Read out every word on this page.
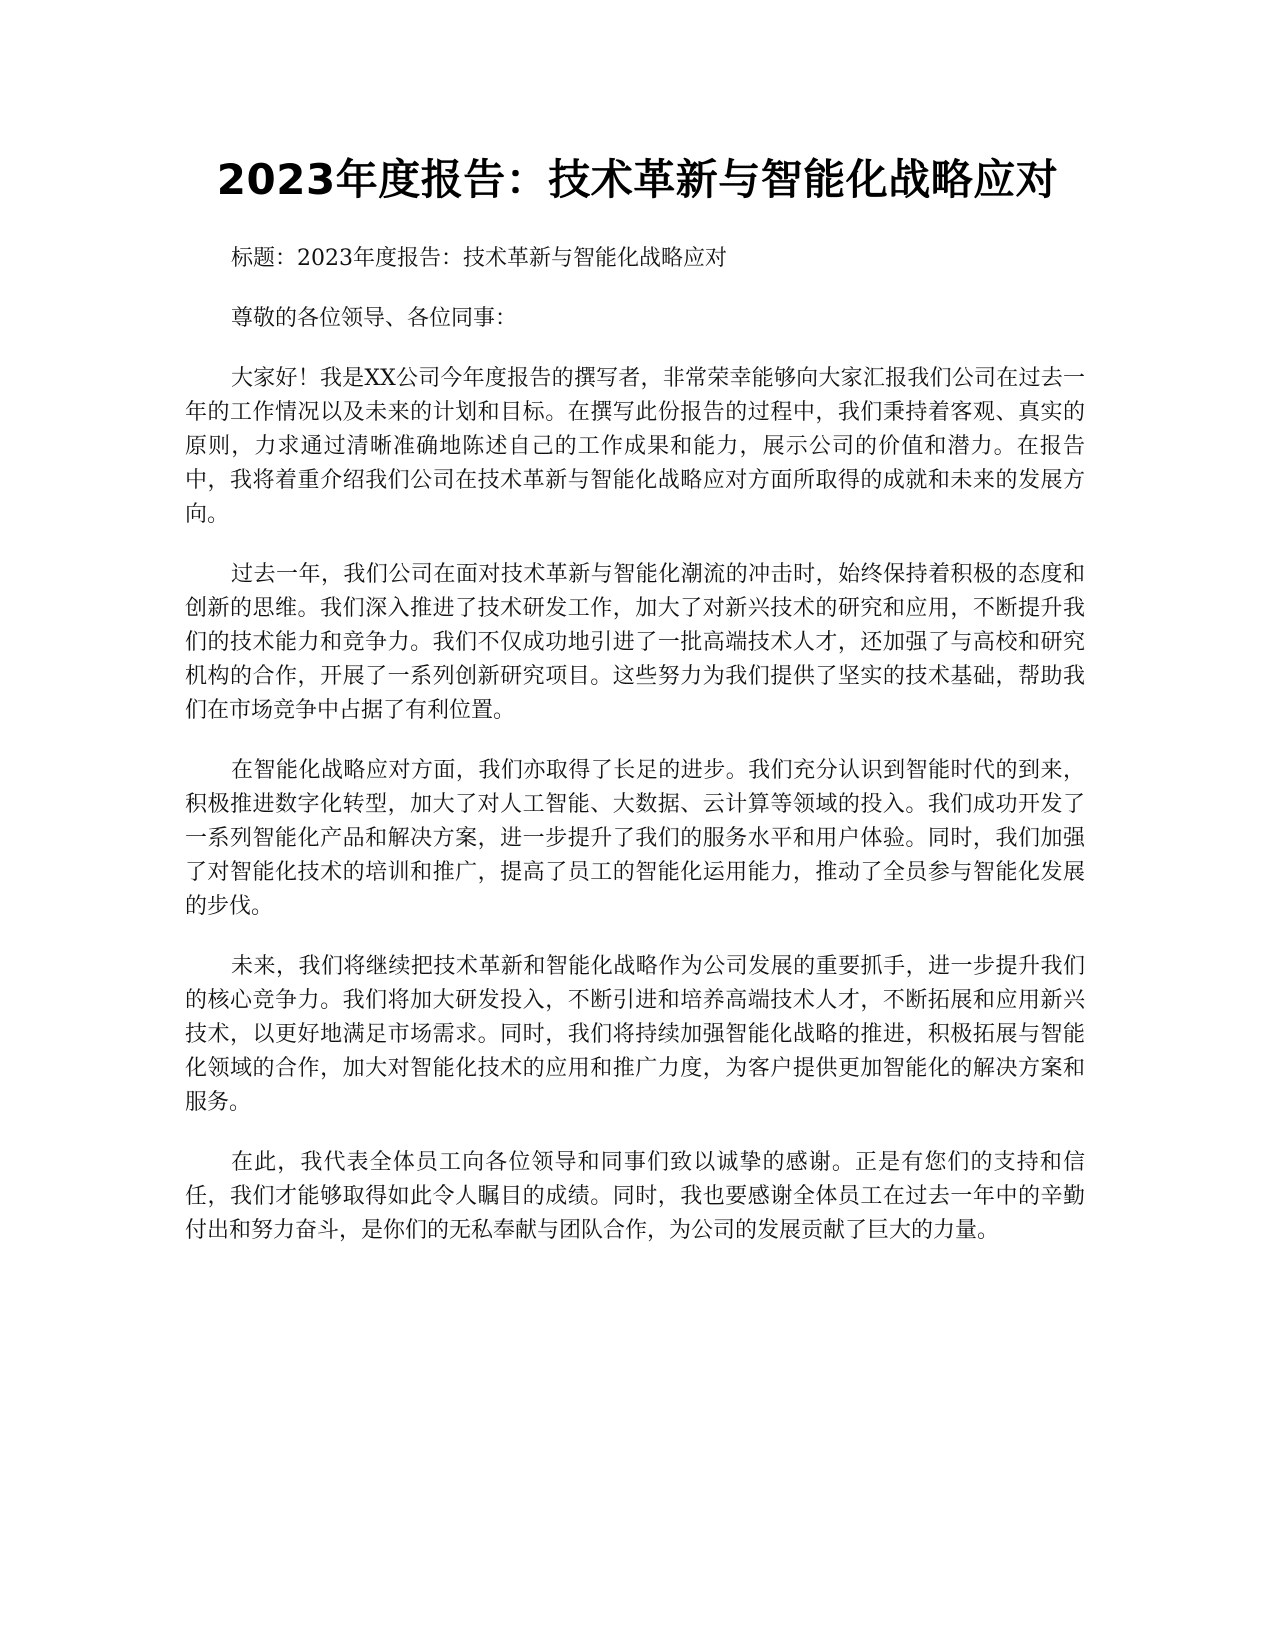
2023年度报告：技术革新与智能化战略应对

标题：2023年度报告：技术革新与智能化战略应对

尊敬的各位领导、各位同事：

大家好！我是XX公司今年度报告的撰写者，非常荣幸能够向大家汇报我们公司在过去一年的工作情况以及未来的计划和目标。在撰写此份报告的过程中，我们秉持着客观、真实的原则，力求通过清晰准确地陈述自己的工作成果和能力，展示公司的价值和潜力。在报告中，我将着重介绍我们公司在技术革新与智能化战略应对方面所取得的成就和未来的发展方向。

过去一年，我们公司在面对技术革新与智能化潮流的冲击时，始终保持着积极的态度和创新的思维。我们深入推进了技术研发工作，加大了对新兴技术的研究和应用，不断提升我们的技术能力和竞争力。我们不仅成功地引进了一批高端技术人才，还加强了与高校和研究机构的合作，开展了一系列创新研究项目。这些努力为我们提供了坚实的技术基础，帮助我们在市场竞争中占据了有利位置。

在智能化战略应对方面，我们亦取得了长足的进步。我们充分认识到智能时代的到来，积极推进数字化转型，加大了对人工智能、大数据、云计算等领域的投入。我们成功开发了一系列智能化产品和解决方案，进一步提升了我们的服务水平和用户体验。同时，我们加强了对智能化技术的培训和推广，提高了员工的智能化运用能力，推动了全员参与智能化发展的步伐。

未来，我们将继续把技术革新和智能化战略作为公司发展的重要抓手，进一步提升我们的核心竞争力。我们将加大研发投入，不断引进和培养高端技术人才，不断拓展和应用新兴技术，以更好地满足市场需求。同时，我们将持续加强智能化战略的推进，积极拓展与智能化领域的合作，加大对智能化技术的应用和推广力度，为客户提供更加智能化的解决方案和服务。

在此，我代表全体员工向各位领导和同事们致以诚挚的感谢。正是有您们的支持和信任，我们才能够取得如此令人瞩目的成绩。同时，我也要感谢全体员工在过去一年中的辛勤付出和努力奋斗，是你们的无私奉献与团队合作，为公司的发展贡献了巨大的力量。
